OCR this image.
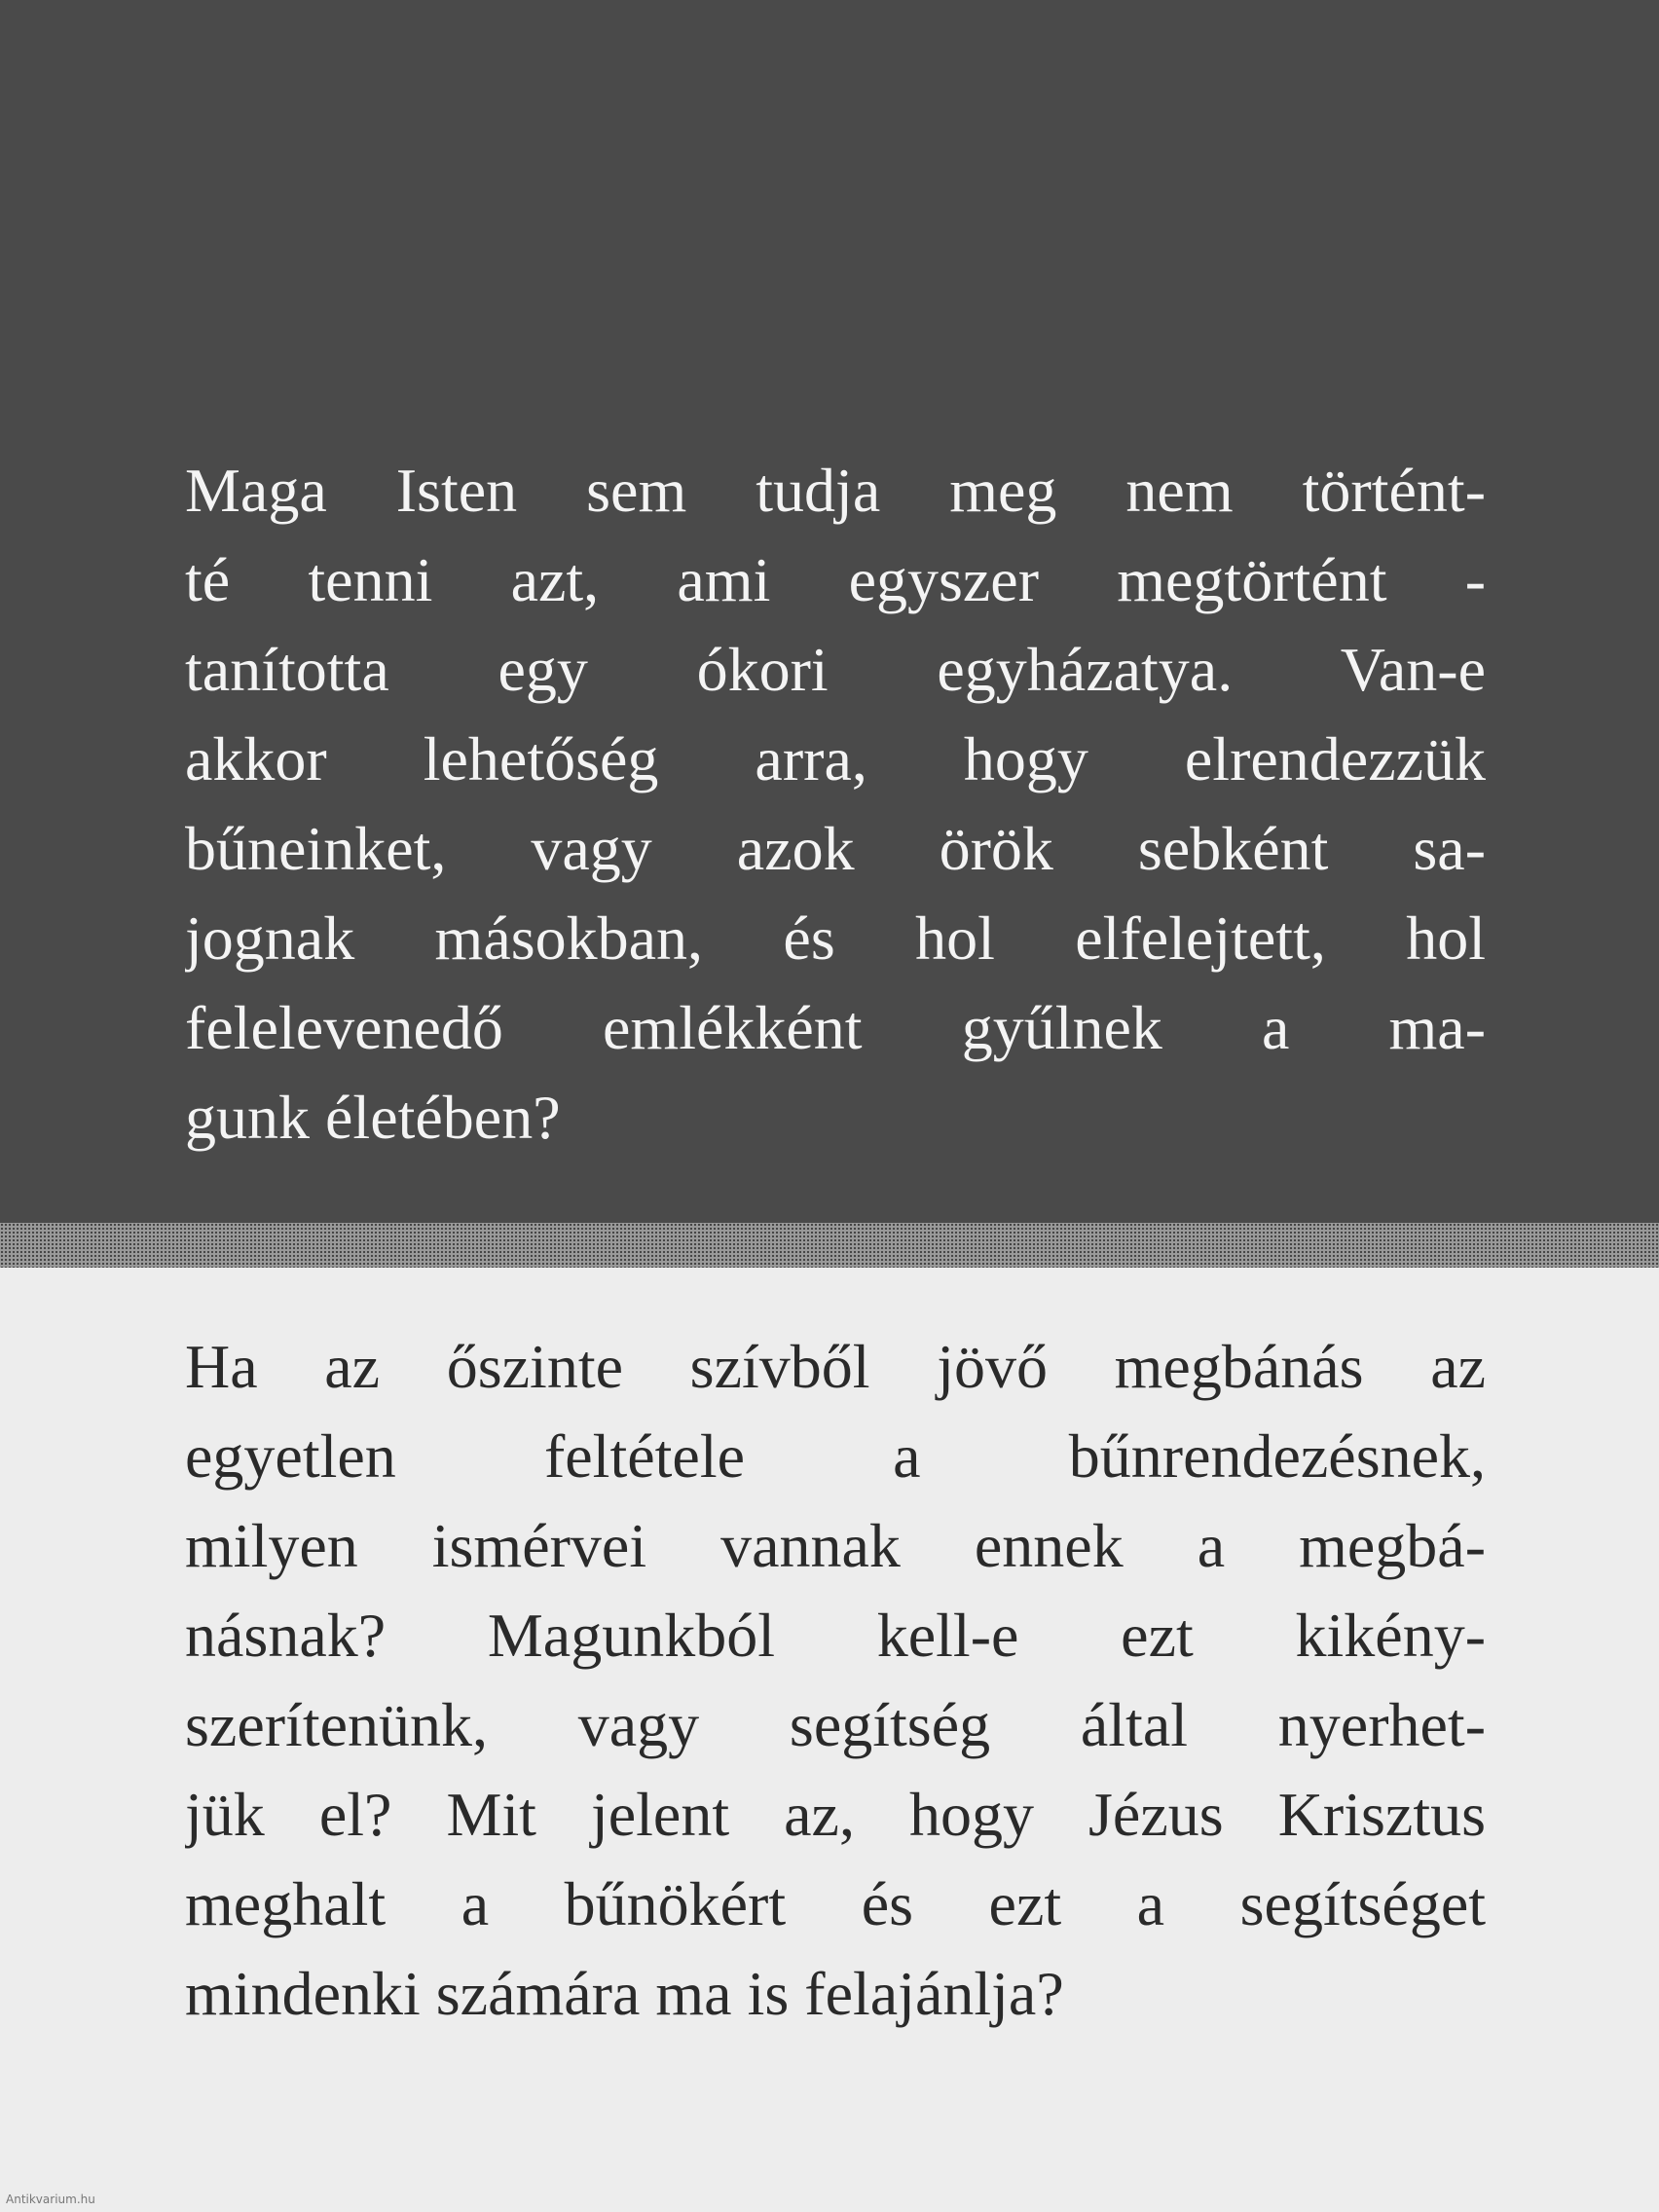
Maga Isten sem tudja meg nem történt-
té tenni azt, ami egyszer megtörtént -
tanította egy ókori egyházatya. Van-e
akkor lehetőség arra, hogy elrendezzük
bűneinket, vagy azok örök sebként sa-
jognak másokban, és hol elfelejtett, hol
felelevenedő emlékként gyűlnek a ma-
gunk életében?

Ha az őszinte szívből jövő megbánás az
egyetlen feltétele a bűnrendezésnek,
milyen ismérvei vannak ennek a megbá-
násnak? Magunkból kell-e ezt kikény-
szerítenünk, vagy segítség által nyerhet-
jük el? Mit jelent az, hogy Jézus Krisztus
meghalt a bűnökért és ezt a segítséget
mindenki számára ma is felajánlja?

Antikvarium.hu
